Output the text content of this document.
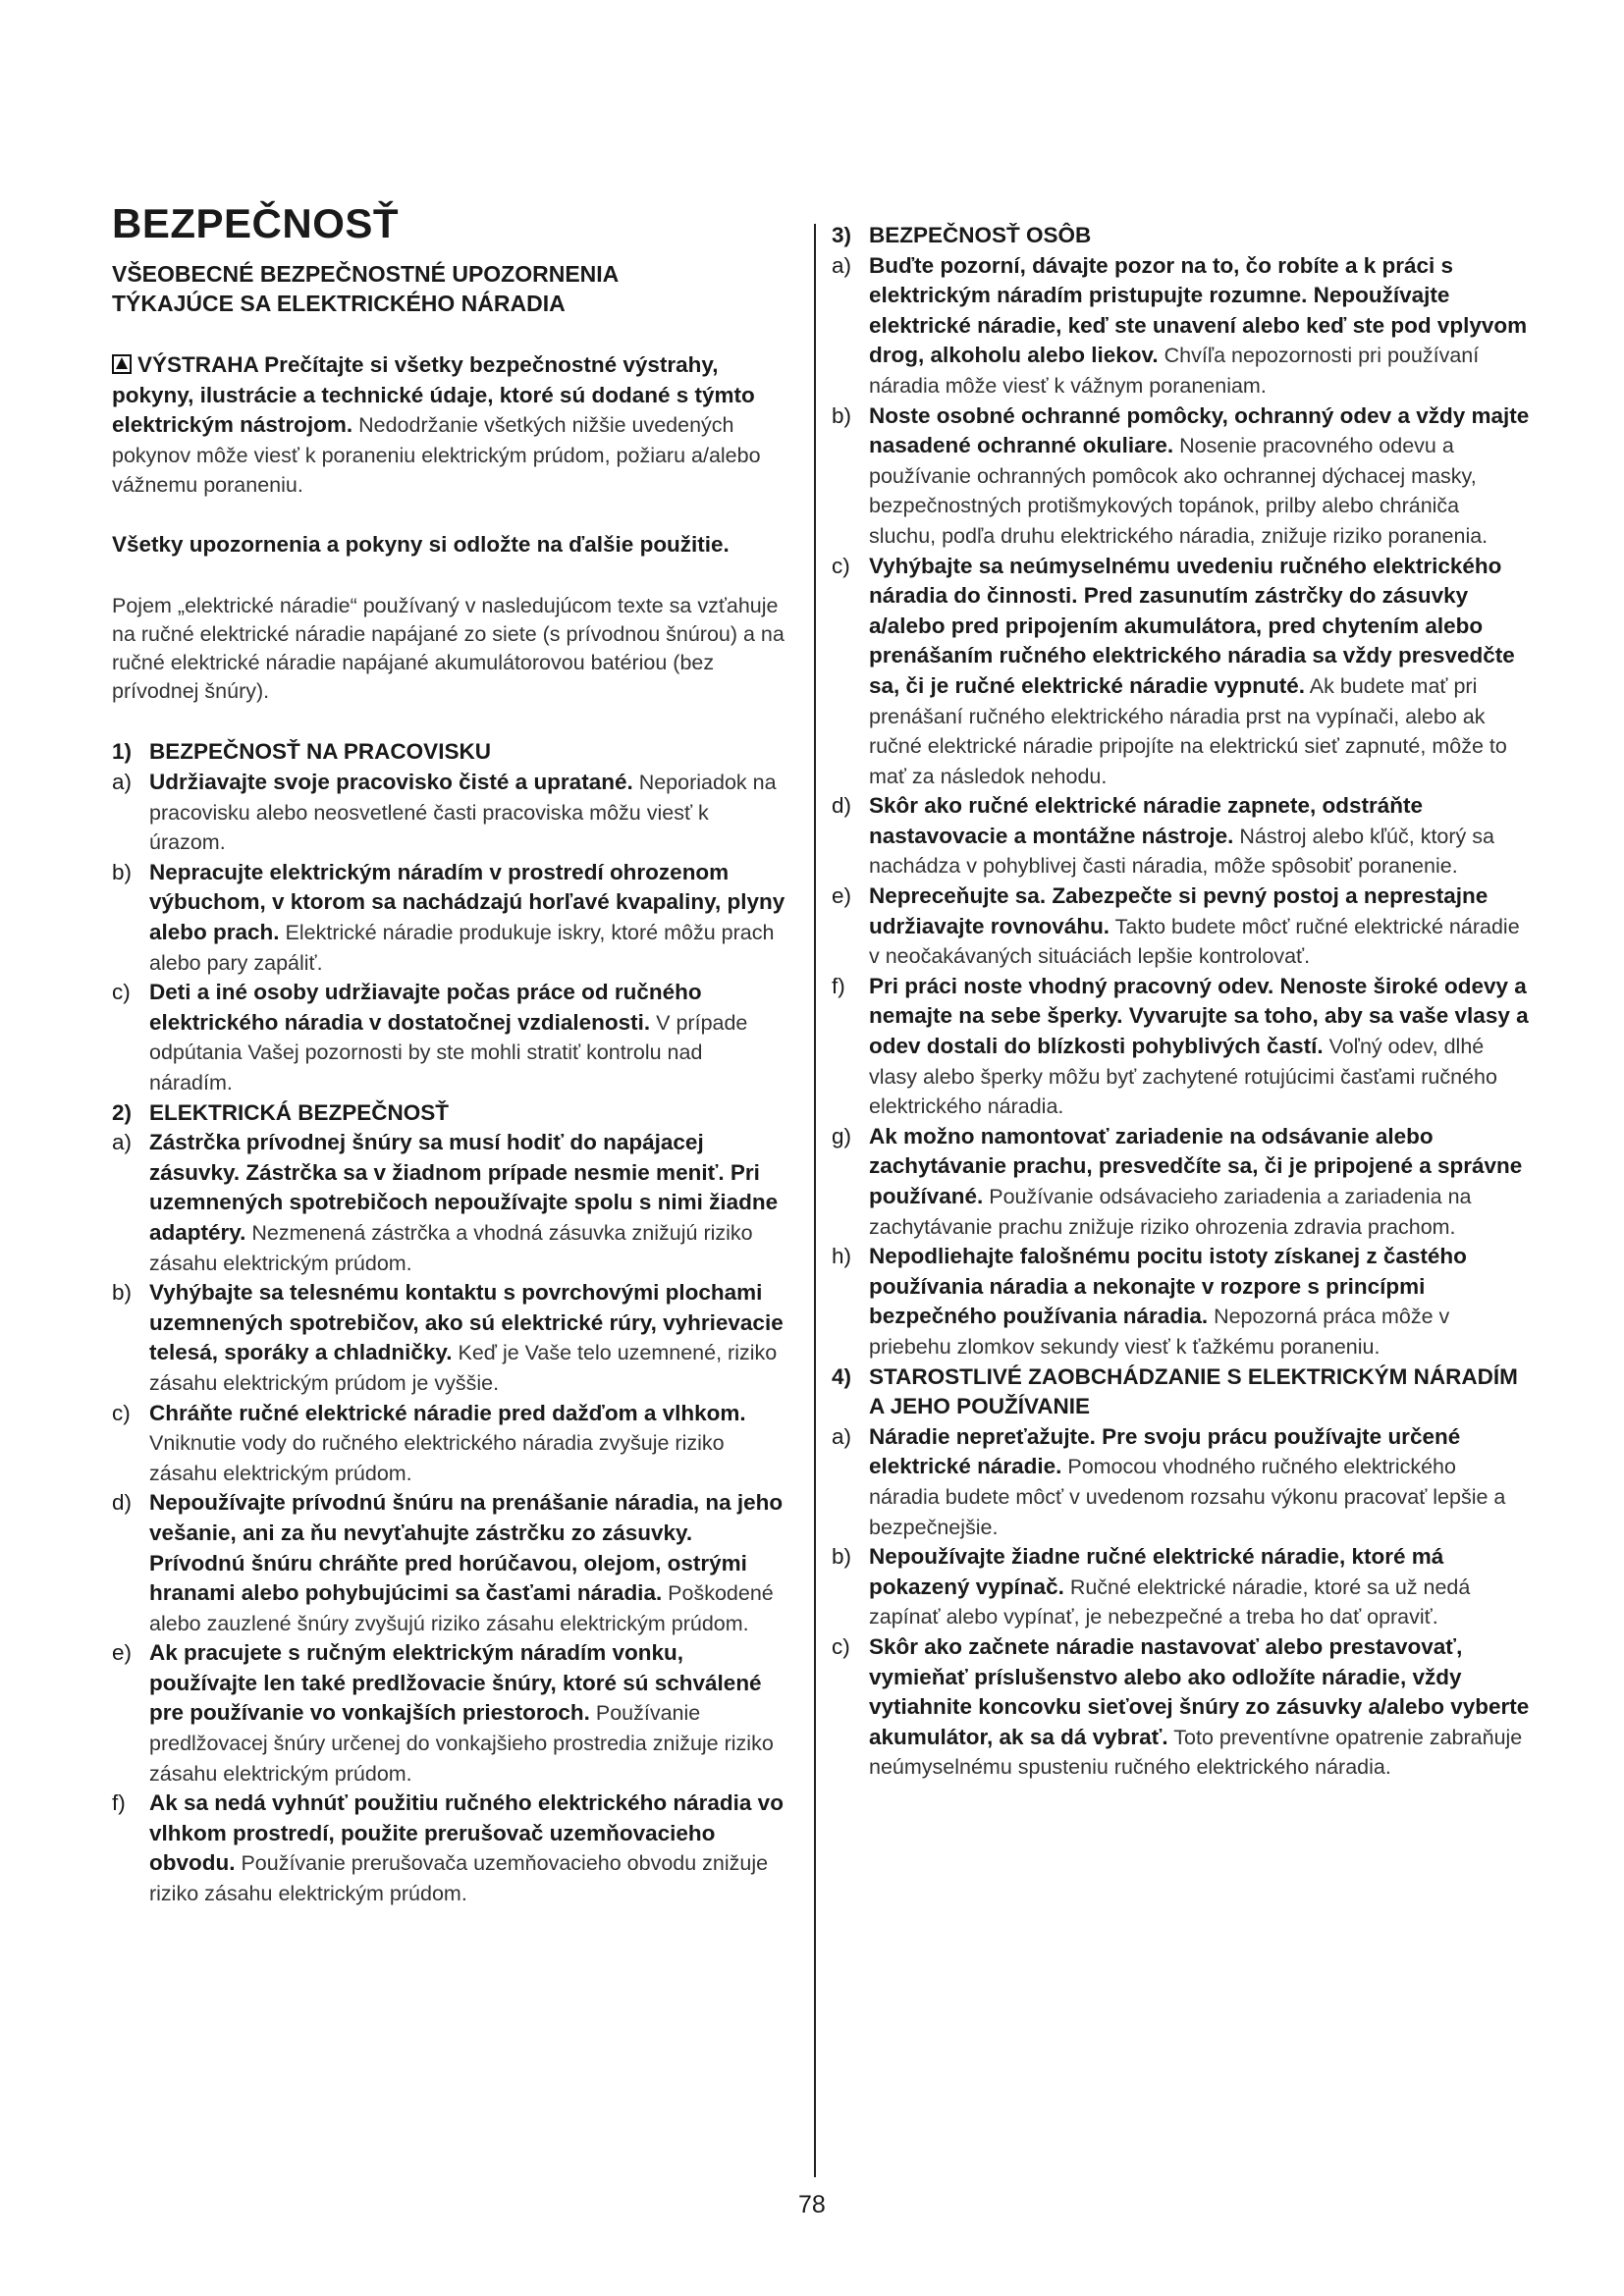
BEZPEČNOSŤ
VŠEOBECNÉ BEZPEČNOSTNÉ UPOZORNENIA
TÝKAJÚCE SA ELEKTRICKÉHO NÁRADIA

VÝSTRAHA Prečítajte si všetky bezpečnostné výstrahy, pokyny, ilustrácie a technické údaje, ktoré sú dodané s týmto elektrickým nástrojom. Nedodržanie všetkých nižšie uvedených pokynov môže viesť k poraneniu elektrickým prúdom, požiaru a/alebo vážnemu poraneniu.

Všetky upozornenia a pokyny si odložte na ďalšie použitie.

Pojem „elektrické náradie“ používaný v nasledujúcom texte sa vzťahuje na ručné elektrické náradie napájané zo siete (s prívodnou šnúrou) a na ručné elektrické náradie napájané akumulátorovou batériou (bez prívodnej šnúry).

1) BEZPEČNOSŤ NA PRACOVISKU
a) Udržiavajte svoje pracovisko čisté a upratané. Neporiadok na pracovisku alebo neosvetlené časti pracoviska môžu viesť k úrazom.
b) Nepracujte elektrickým náradím v prostredí ohrozenom výbuchom, v ktorom sa nachádzajú horľavé kvapaliny, plyny alebo prach. Elektrické náradie produkuje iskry, ktoré môžu prach alebo pary zapáliť.
c) Deti a iné osoby udržiavajte počas práce od ručného elektrického náradia v dostatočnej vzdialenosti. V prípade odpútania Vašej pozornosti by ste mohli stratiť kontrolu nad náradím.
2) ELEKTRICKÁ BEZPEČNOSŤ
a) Zástrčka prívodnej šnúry sa musí hodiť do napájacej zásuvky. Zástrčka sa v žiadnom prípade nesmie meniť. Pri uzemnených spotrebičoch nepoužívajte spolu s nimi žiadne adaptéry. Nezmenená zástrčka a vhodná zásuvka znižujú riziko zásahu elektrickým prúdom.
b) Vyhýbajte sa telesnému kontaktu s povrchovými plochami uzemnených spotrebičov, ako sú elektrické rúry, vyhrievacie telesá, sporáky a chladničky. Keď je Vaše telo uzemnené, riziko zásahu elektrickým prúdom je vyššie.
c) Chráňte ručné elektrické náradie pred dažďom a vlhkom. Vniknutie vody do ručného elektrického náradia zvyšuje riziko zásahu elektrickým prúdom.
d) Nepoužívajte prívodnú šnúru na prenášanie náradia, na jeho vešanie, ani za ňu nevyťahujte zástrčku zo zásuvky. Prívodnú šnúru chráňte pred horúčavou, olejom, ostrými hranami alebo pohybujúcimi sa časťami náradia. Poškodené alebo zauzlené šnúry zvyšujú riziko zásahu elektrickým prúdom.
e) Ak pracujete s ručným elektrickým náradím vonku, používajte len také predlžovacie šnúry, ktoré sú schválené pre používanie vo vonkajších priestoroch. Používanie predlžovacej šnúry určenej do vonkajšieho prostredia znižuje riziko zásahu elektrickým prúdom.
f)	Ak sa nedá vyhnúť použitiu ručného elektrického náradia vo vlhkom prostredí, použite prerušovač uzemňovacieho obvodu. Používanie prerušovača uzemňovacieho obvodu znižuje riziko zásahu elektrickým prúdom.
3) BEZPEČNOSŤ OSÔB
a) Buďte pozorní, dávajte pozor na to, čo robíte a k práci s elektrickým náradím pristupujte rozumne. Nepoužívajte elektrické náradie, keď ste unavení alebo keď ste pod vplyvom drog, alkoholu alebo liekov. Chvíľa nepozornosti pri používaní náradia môže viesť k vážnym poraneniam.
b) Noste osobné ochranné pomôcky, ochranný odev a vždy majte nasadené ochranné okuliare. Nosenie pracovného odevu a používanie ochranných pomôcok ako ochrannej dýchacej masky, bezpečnostných protišmykových topánok, prilby alebo chrániča sluchu, podľa druhu elektrického náradia, znižuje riziko poranenia.
c) Vyhýbajte sa neúmyselnému uvedeniu ručného elektrického náradia do činnosti. Pred zasunutím zástrčky do zásuvky a/alebo pred pripojením akumulátora, pred chytením alebo prenášaním ručného elektrického náradia sa vždy presvedčte sa, či je ručné elektrické náradie vypnuté. Ak budete mať pri prenášaní ručného elektrického náradia prst na vypínači, alebo ak ručné elektrické náradie pripojíte na elektrickú sieť zapnuté, môže to mať za následok nehodu.
d) Skôr ako ručné elektrické náradie zapnete, odstráňte nastavovacie a montážne nástroje. Nástroj alebo kľúč, ktorý sa nachádza v pohyblivej časti náradia, môže spôsobiť poranenie.
e) Nepreceňujte sa. Zabezpečte si pevný postoj a neprestajne udržiavajte rovnováhu. Takto budete môcť ručné elektrické náradie v neočakávaných situáciách lepšie kontrolovať.
f)	Pri práci noste vhodný pracovný odev. Nenoste široké odevy a nemajte na sebe šperky. Vyvarujte sa toho, aby sa vaše vlasy a odev dostali do blízkosti pohyblivých častí. Voľný odev, dlhé vlasy alebo šperky môžu byť zachytené rotujúcimi časťami ručného elektrického náradia.
g) Ak možno namontovať zariadenie na odsávanie alebo zachytávanie prachu, presvedčíte sa, či je pripojené a správne používané. Používanie odsávacieho zariadenia a zariadenia na zachytávanie prachu znižuje riziko ohrozenia zdravia prachom.
h) Nepodliehajte falošnému pocitu istoty získanej z častého používania náradia a nekonajte v rozpore s princípmi bezpečného používania náradia. Nepozorná práca môže v priebehu zlomkov sekundy viesť k ťažkému poraneniu.
4) STAROSTLIVÉ ZAOBCHÁDZANIE S ELEKTRICKÝM NÁRADÍM A JEHO POUŽÍVANIE
a) Náradie nepreťažujte. Pre svoju prácu používajte určené elektrické náradie. Pomocou vhodného ručného elektrického náradia budete môcť v uvedenom rozsahu výkonu pracovať lepšie a bezpečnejšie.
b) Nepoužívajte žiadne ručné elektrické náradie, ktoré má pokazený vypínač. Ručné elektrické náradie, ktoré sa už nedá zapínať alebo vypínať, je nebezpečné a treba ho dať opraviť.
c) Skôr ako začnete náradie nastavovať alebo prestavovať, vymieňať príslušenstvo alebo ako odložíte náradie, vždy vytiahnite koncovku sieťovej šnúry zo zásuvky a/alebo vyberte akumulátor, ak sa dá vybrať. Toto preventívne opatrenie zabraňuje neúmyselnému spusteniu ručného elektrického náradia.
78
